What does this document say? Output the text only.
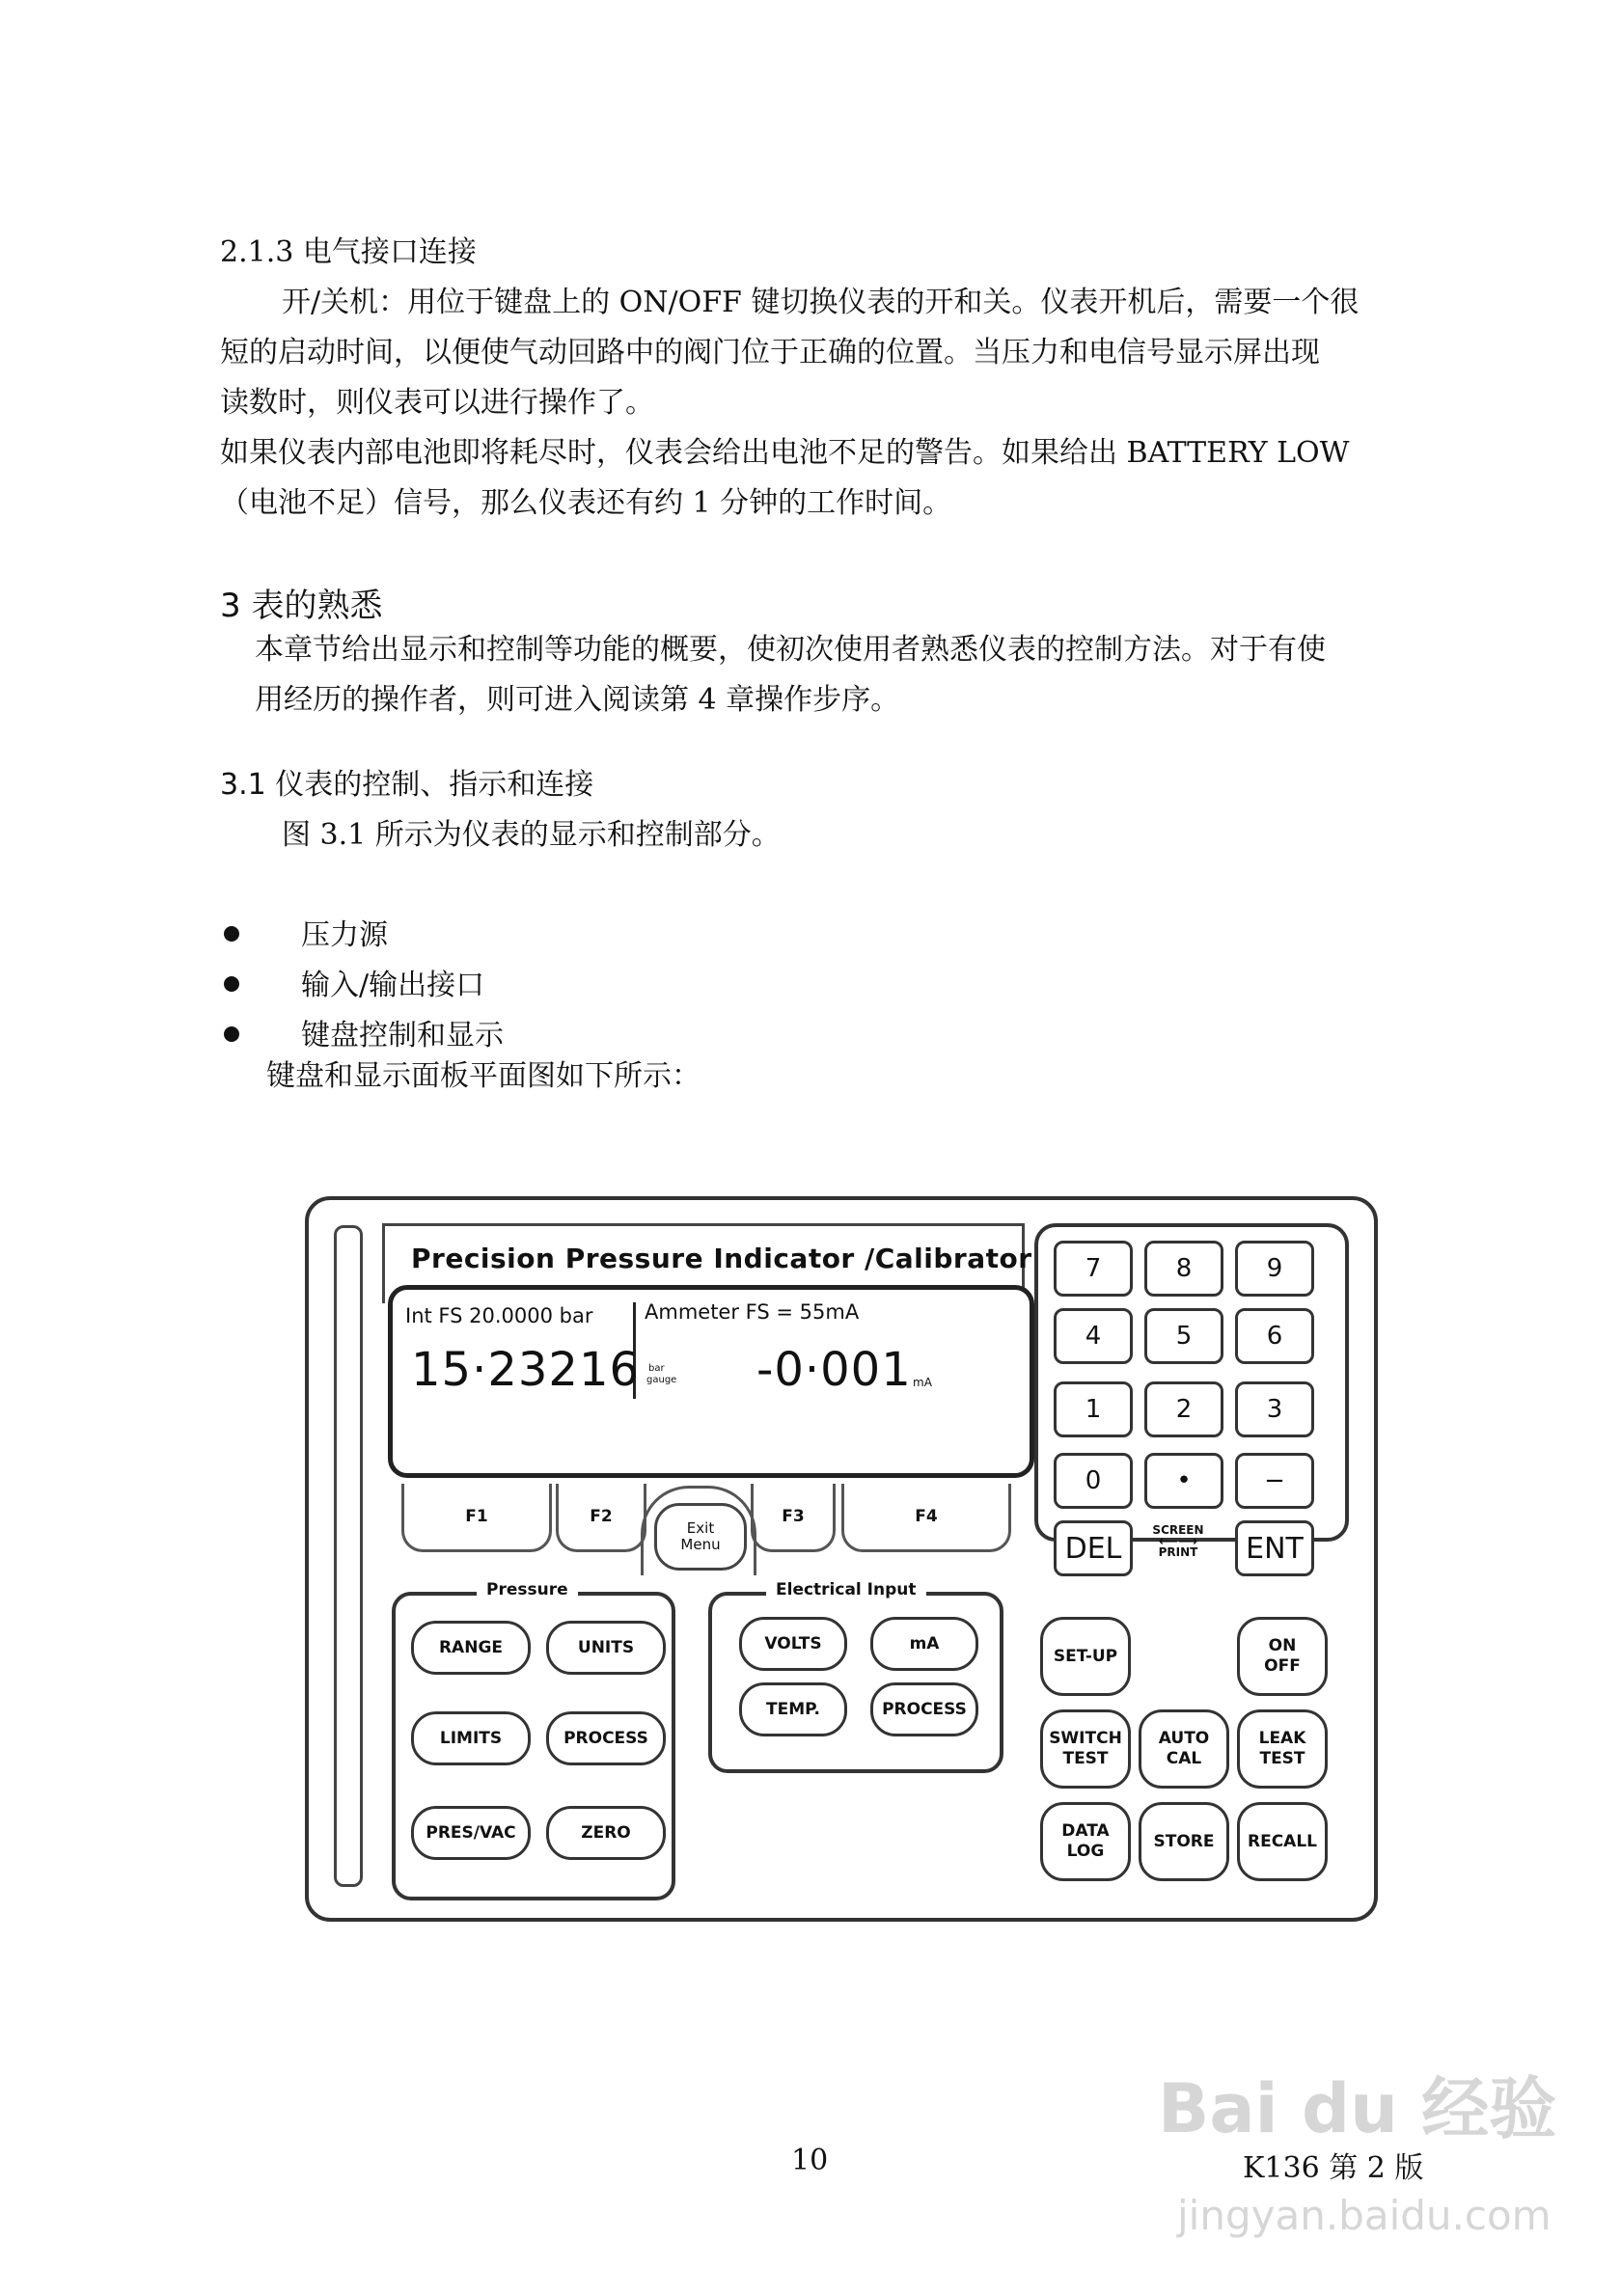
2.1.3 电气接口连接
开/关机：用位于键盘上的 ON/OFF 键切换仪表的开和关。仪表开机后，需要一个很
短的启动时间，以便使气动回路中的阀门位于正确的位置。当压力和电信号显示屏出现
读数时，则仪表可以进行操作了。
如果仪表内部电池即将耗尽时，仪表会给出电池不足的警告。如果给出 BATTERY LOW
（电池不足）信号，那么仪表还有约 1 分钟的工作时间。
3 表的熟悉
本章节给出显示和控制等功能的概要，使初次使用者熟悉仪表的控制方法。对于有使
用经历的操作者，则可进入阅读第 4 章操作步序。
3.1 仪表的控制、指示和连接
图 3.1 所示为仪表的显示和控制部分。
压力源
输入/输出接口
键盘控制和显示
键盘和显示面板平面图如下所示：
Precision Pressure Indicator /Calibrator
Int FS 20.0000 bar
15·23216 bar
gauge
Ammeter FS = 55mA
-0·001 mA
F1	F2
Exit
Menu
F3	F4
Pressure
RANGE	UNITS
LIMITS	PROCESS
PRES/VAC	ZERO
Electrical Input
VOLTS	mA
TEMP.	PROCESS
7	8	9
4	5	6
1	2	3
0	•	−
DEL
SCREEN
⟵⟶
PRINT	ENT
SET-UP
ON
OFF
SWITCH
TEST
AUTO
CAL
LEAK
TEST
DATA
LOG
STORE RECALL
10	K136 第 2 版
Bai du 经验
jingyan.baidu.com
